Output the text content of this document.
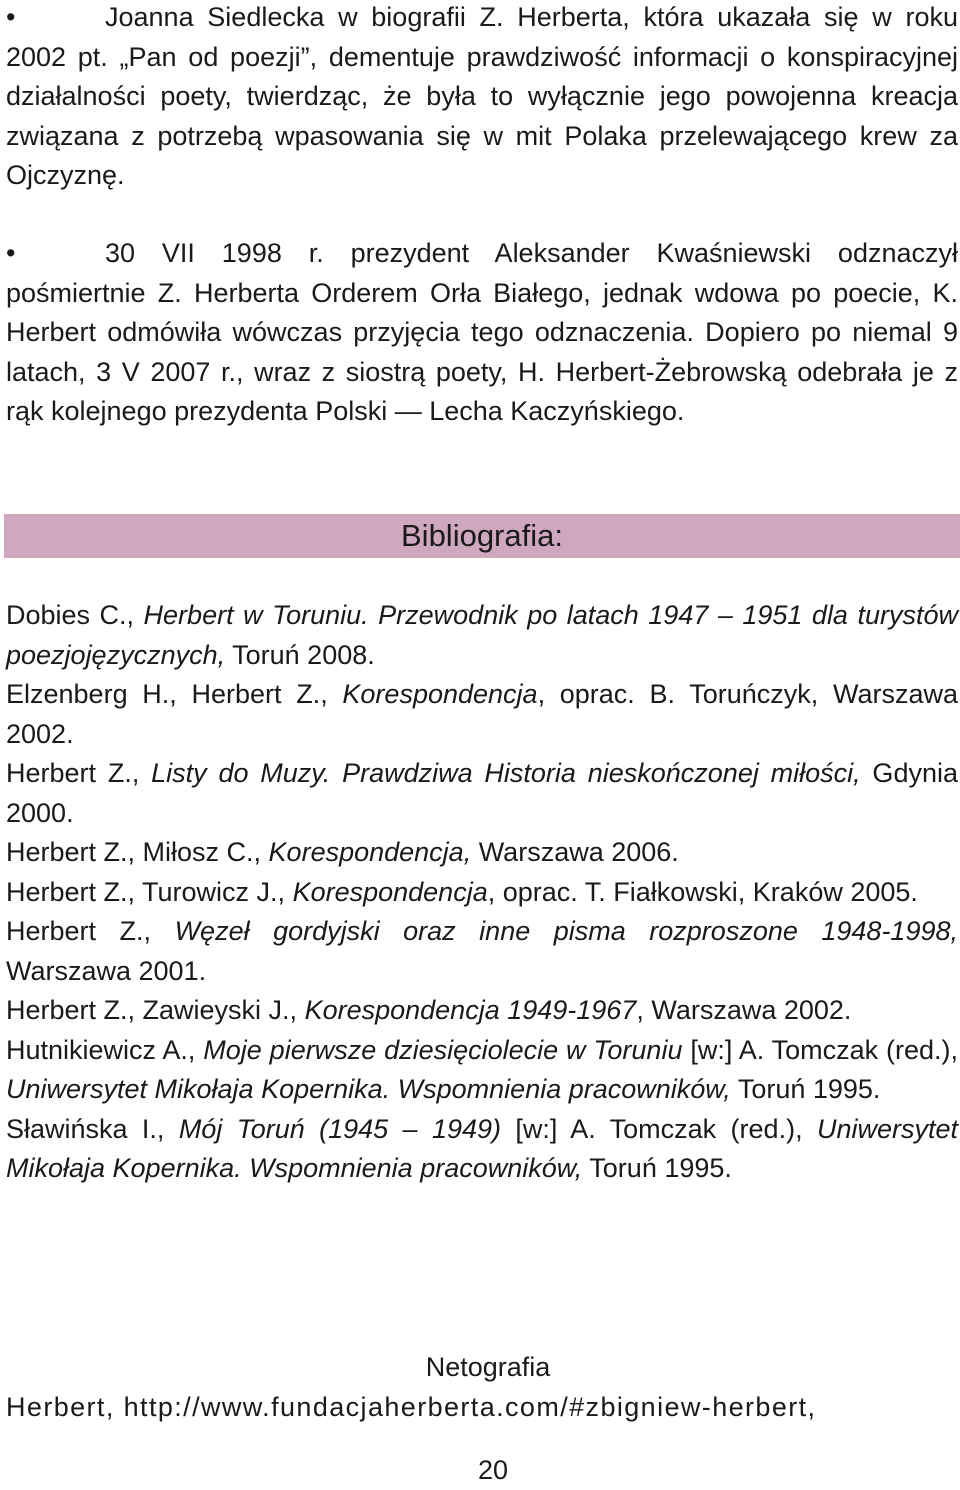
•	Joanna Siedlecka w biografii Z. Herberta, która ukazała się w roku 2002 pt. „Pan od poezji”, dementuje prawdziwość informacji o konspiracyjnej działalności poety, twierdząc, że była to wyłącznie jego powojenna kreacja związana z potrzebą wpasowania się w mit Polaka przelewającego krew za Ojczyznę.

•	30 VII 1998 r. prezydent Aleksander Kwaśniewski odznaczył pośmiertnie Z. Herberta Orderem Orła Białego, jednak wdowa po poecie, K. Herbert odmówiła wówczas przyjęcia tego odznaczenia. Dopiero po niemal 9 latach, 3 V 2007 r., wraz z siostrą poety, H. Herbert-Żebrowską odebrała je z rąk kolejnego prezydenta Polski — Lecha Kaczyńskiego.

Bibliografia:

Dobies C., Herbert w Toruniu. Przewodnik po latach 1947 – 1951 dla turystów poezjojęzycznych, Toruń 2008.

Elzenberg H., Herbert Z., Korespondencja, oprac. B. Toruńczyk, Warszawa 2002.

Herbert Z., Listy do Muzy. Prawdziwa Historia nieskończonej miłości, Gdynia 2000.

Herbert Z., Miłosz C., Korespondencja, Warszawa 2006.

Herbert Z., Turowicz J., Korespondencja, oprac. T. Fiałkowski, Kraków 2005.

Herbert Z., Węzeł gordyjski oraz inne pisma rozproszone 1948-1998, Warszawa 2001.

Herbert Z., Zawieyski J., Korespondencja 1949-1967, Warszawa 2002.

Hutnikiewicz A., Moje pierwsze dziesięciolecie w Toruniu [w:] A. Tomczak (red.), Uniwersytet Mikołaja Kopernika. Wspomnienia pracowników, Toruń 1995.

Sławińska I., Mój Toruń (1945 – 1949) [w:] A. Tomczak (red.), Uniwersytet Mikołaja Kopernika. Wspomnienia pracowników, Toruń 1995.

Netografia
Herbert, http://www.fundacjaherberta.com/#zbigniew-herbert,
20
